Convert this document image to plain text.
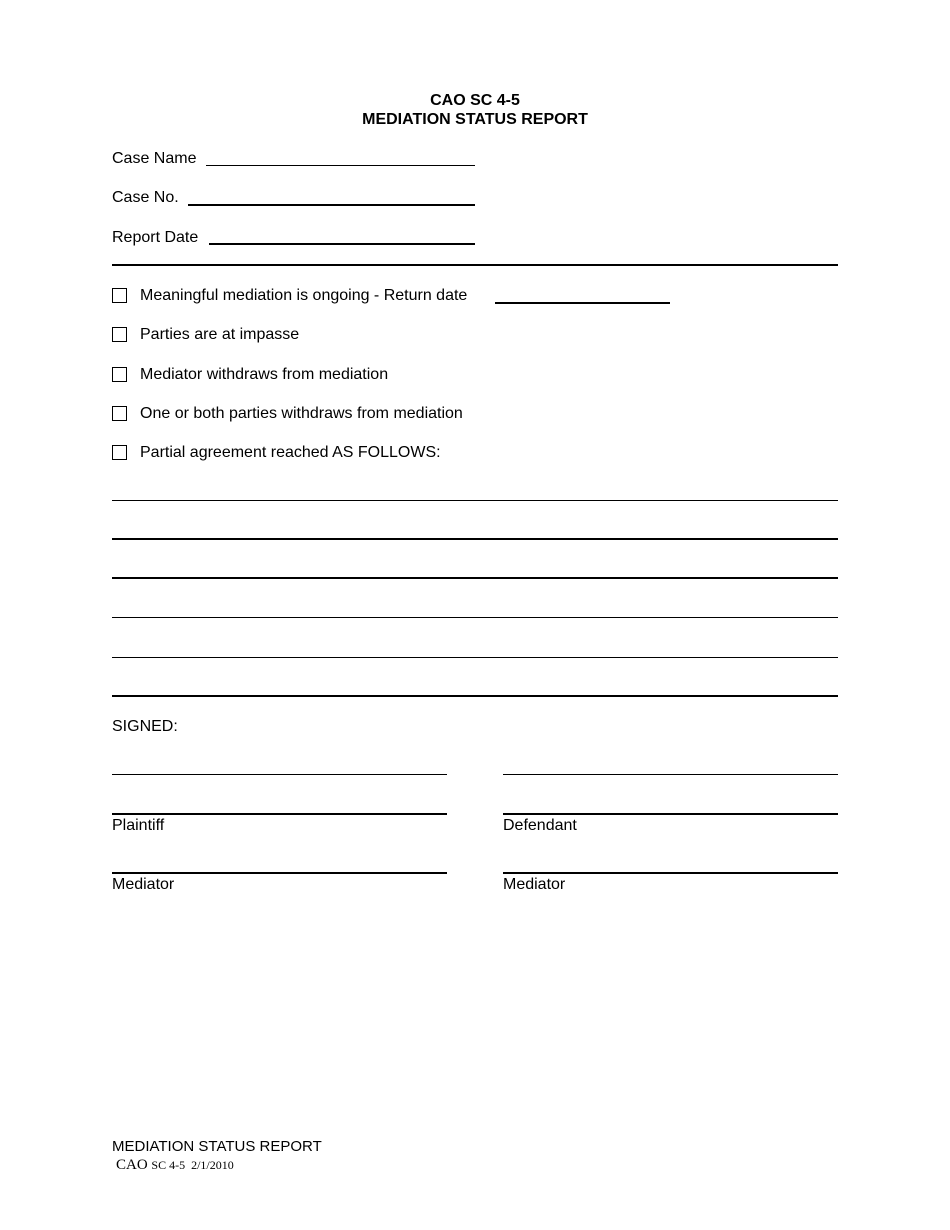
CAO SC 4-5
MEDIATION STATUS REPORT
Case Name
Case No.
Report Date
Meaningful mediation is ongoing - Return date
Parties are at impasse
Mediator withdraws from mediation
One or both parties withdraws from mediation
Partial agreement reached AS FOLLOWS:
SIGNED:
Plaintiff	Defendant
Mediator	Mediator
MEDIATION STATUS REPORT
CAO SC 4-5  2/1/2010
